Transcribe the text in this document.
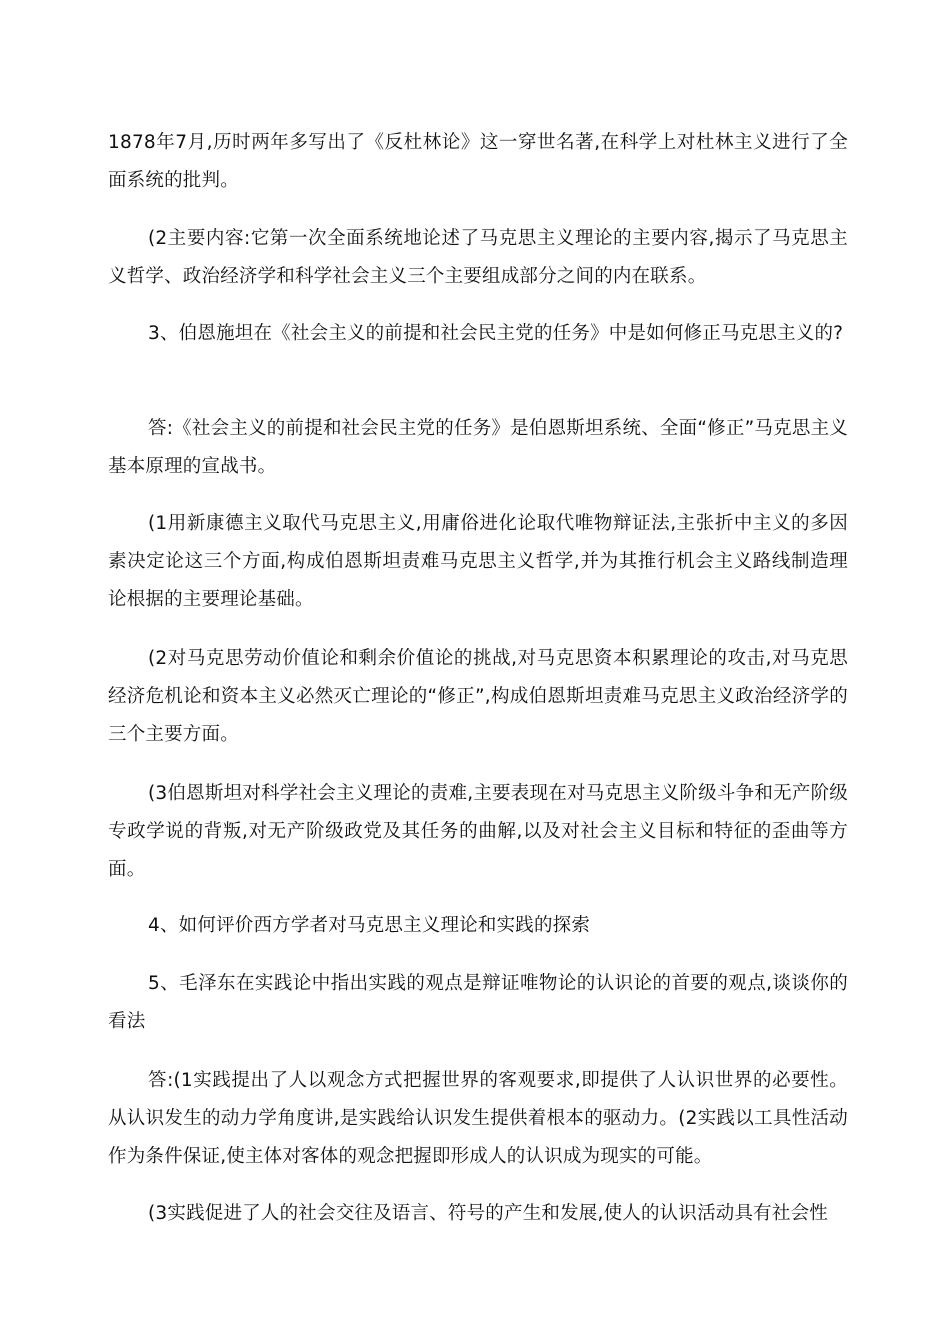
1878年7月,历时两年多写出了《反杜林论》这一穿世名著,在科学上对杜林主义进行了全面系统的批判。

(2主要内容:它第一次全面系统地论述了马克思主义理论的主要内容,揭示了马克思主义哲学、政治经济学和科学社会主义三个主要组成部分之间的内在联系。

3、伯恩施坦在《社会主义的前提和社会民主党的任务》中是如何修正马克思主义的?

答:《社会主义的前提和社会民主党的任务》是伯恩斯坦系统、全面“修正”马克思主义基本原理的宣战书。

(1用新康德主义取代马克思主义,用庸俗进化论取代唯物辩证法,主张折中主义的多因素决定论这三个方面,构成伯恩斯坦责难马克思主义哲学,并为其推行机会主义路线制造理论根据的主要理论基础。

(2对马克思劳动价值论和剩余价值论的挑战,对马克思资本积累理论的攻击,对马克思经济危机论和资本主义必然灭亡理论的“修正”,构成伯恩斯坦责难马克思主义政治经济学的三个主要方面。

(3伯恩斯坦对科学社会主义理论的责难,主要表现在对马克思主义阶级斗争和无产阶级专政学说的背叛,对无产阶级政党及其任务的曲解,以及对社会主义目标和特征的歪曲等方面。

4、如何评价西方学者对马克思主义理论和实践的探索

5、毛泽东在实践论中指出实践的观点是辩证唯物论的认识论的首要的观点,谈谈你的看法

答:(1实践提出了人以观念方式把握世界的客观要求,即提供了人认识世界的必要性。从认识发生的动力学角度讲,是实践给认识发生提供着根本的驱动力。(2实践以工具性活动作为条件保证,使主体对客体的观念把握即形成人的认识成为现实的可能。

(3实践促进了人的社会交往及语言、符号的产生和发展,使人的认识活动具有社会性
